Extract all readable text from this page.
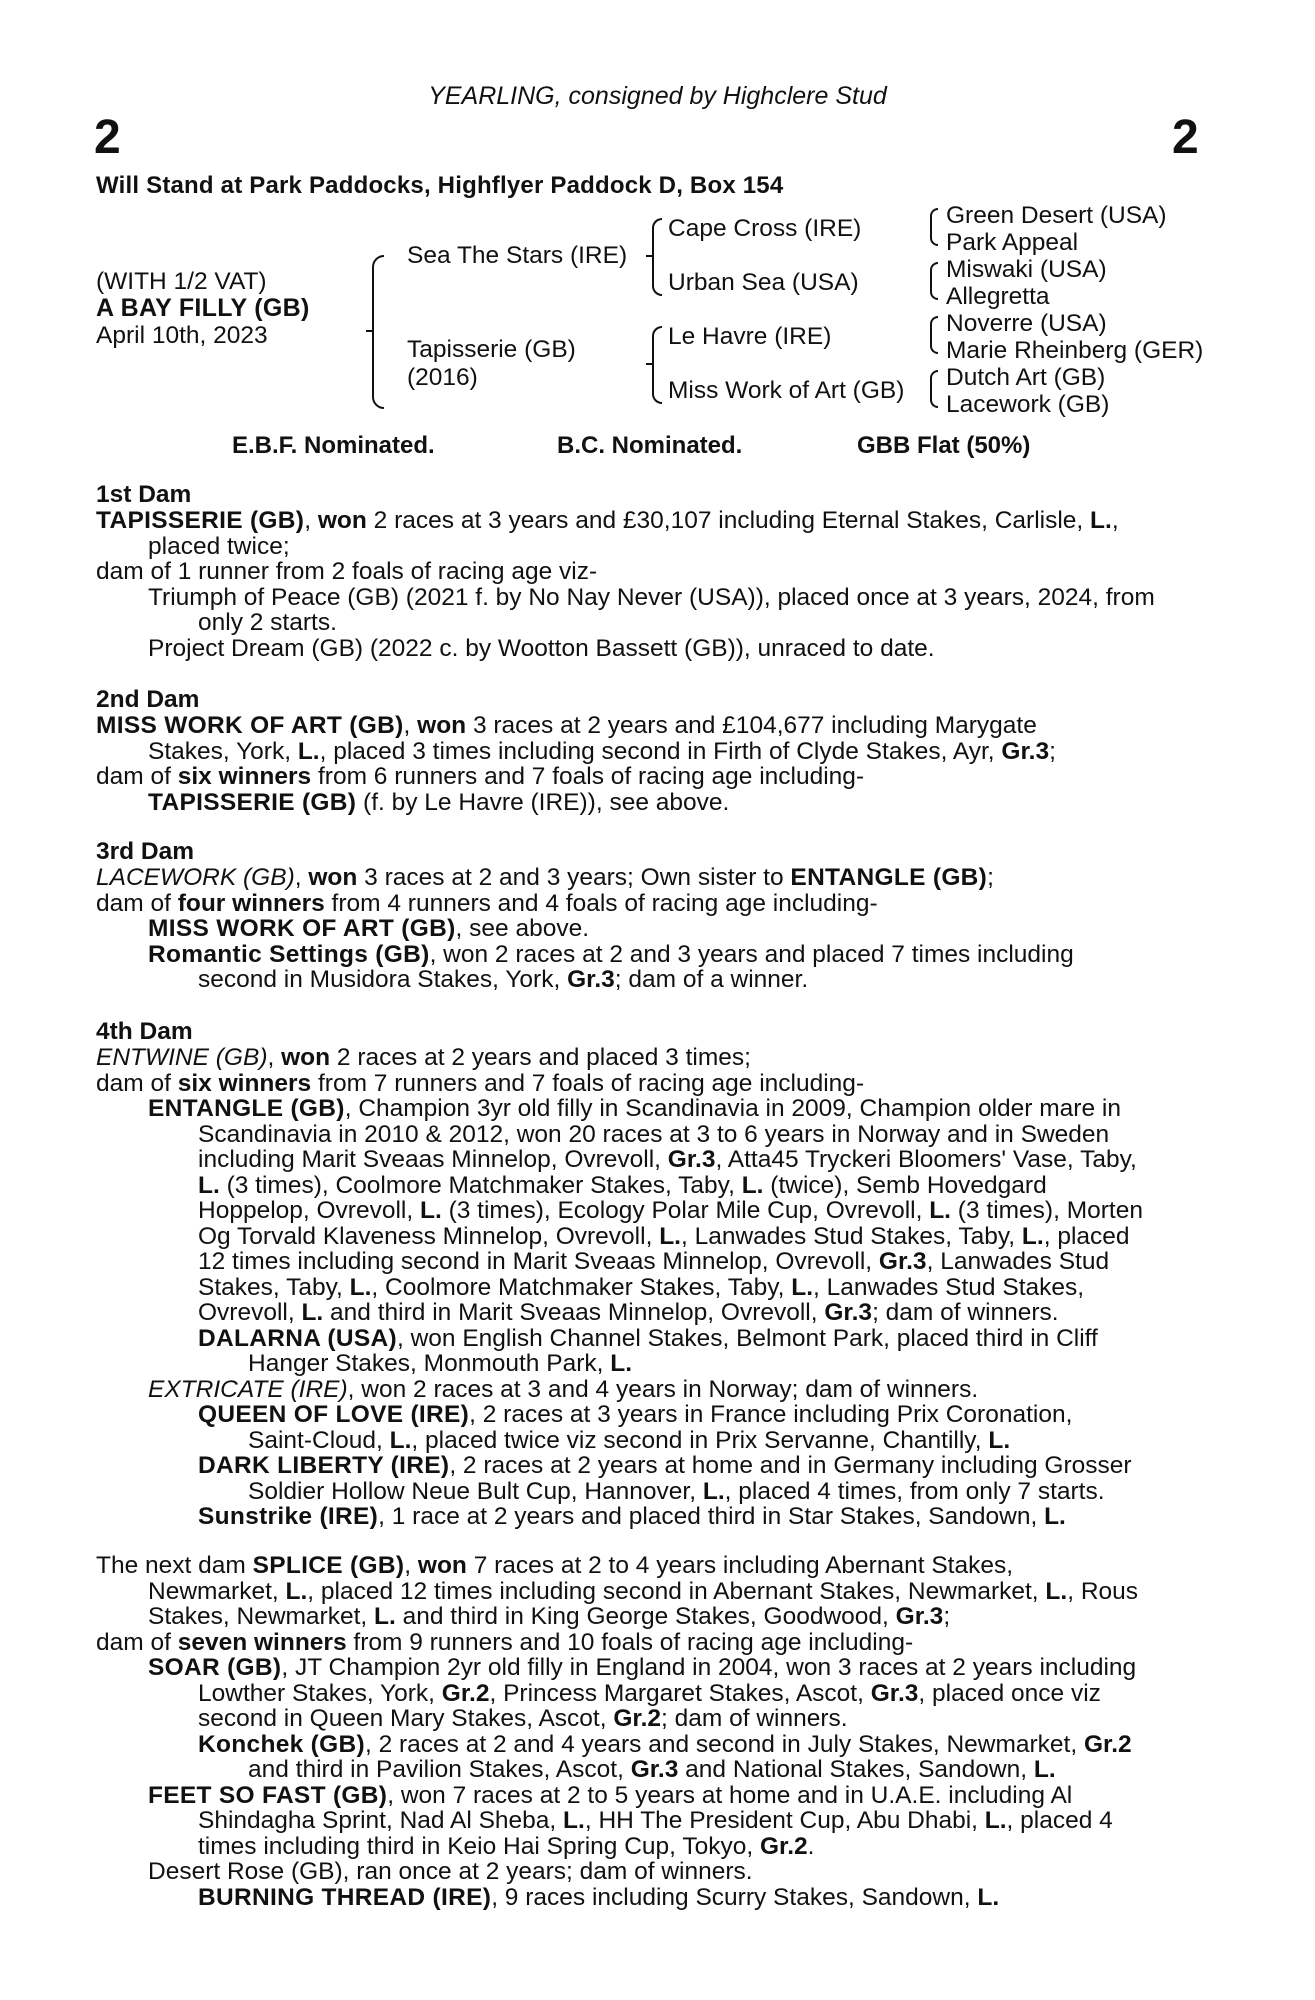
YEARLING, consigned by Highclere Stud
2	2
Will Stand at Park Paddocks, Highflyer Paddock D, Box 154
(WITH 1/2 VAT)
A BAY FILLY (GB)
April 10th, 2023
Sea The Stars (IRE)
Tapisserie (GB)
(2016)
Cape Cross (IRE)
Urban Sea (USA)
Le Havre (IRE)
Miss Work of Art (GB)
Green Desert (USA)
Park Appeal
Miswaki (USA)
Allegretta
Noverre (USA)
Marie Rheinberg (GER)
Dutch Art (GB)
Lacework (GB)
E.B.F. Nominated.	B.C. Nominated.	GBB Flat (50%)
1st Dam
TAPISSERIE (GB), won 2 races at 3 years and £30,107 including Eternal Stakes, Carlisle, L.,
placed twice;
dam of 1 runner from 2 foals of racing age viz-
Triumph of Peace (GB) (2021 f. by No Nay Never (USA)), placed once at 3 years, 2024, from
only 2 starts.
Project Dream (GB) (2022 c. by Wootton Bassett (GB)), unraced to date.
2nd Dam
MISS WORK OF ART (GB), won 3 races at 2 years and £104,677 including Marygate
Stakes, York, L., placed 3 times including second in Firth of Clyde Stakes, Ayr, Gr.3;
dam of six winners from 6 runners and 7 foals of racing age including-
TAPISSERIE (GB) (f. by Le Havre (IRE)), see above.
3rd Dam
LACEWORK (GB), won 3 races at 2 and 3 years; Own sister to ENTANGLE (GB);
dam of four winners from 4 runners and 4 foals of racing age including-
MISS WORK OF ART (GB), see above.
Romantic Settings (GB), won 2 races at 2 and 3 years and placed 7 times including
second in Musidora Stakes, York, Gr.3; dam of a winner.
4th Dam
ENTWINE (GB), won 2 races at 2 years and placed 3 times;
dam of six winners from 7 runners and 7 foals of racing age including-
ENTANGLE (GB), Champion 3yr old filly in Scandinavia in 2009, Champion older mare in
Scandinavia in 2010 & 2012, won 20 races at 3 to 6 years in Norway and in Sweden
including Marit Sveaas Minnelop, Ovrevoll, Gr.3, Atta45 Tryckeri Bloomers' Vase, Taby,
L. (3 times), Coolmore Matchmaker Stakes, Taby, L. (twice), Semb Hovedgard
Hoppelop, Ovrevoll, L. (3 times), Ecology Polar Mile Cup, Ovrevoll, L. (3 times), Morten
Og Torvald Klaveness Minnelop, Ovrevoll, L., Lanwades Stud Stakes, Taby, L., placed
12 times including second in Marit Sveaas Minnelop, Ovrevoll, Gr.3, Lanwades Stud
Stakes, Taby, L., Coolmore Matchmaker Stakes, Taby, L., Lanwades Stud Stakes,
Ovrevoll, L. and third in Marit Sveaas Minnelop, Ovrevoll, Gr.3; dam of winners.
DALARNA (USA), won English Channel Stakes, Belmont Park, placed third in Cliff
Hanger Stakes, Monmouth Park, L.
EXTRICATE (IRE), won 2 races at 3 and 4 years in Norway; dam of winners.
QUEEN OF LOVE (IRE), 2 races at 3 years in France including Prix Coronation,
Saint-Cloud, L., placed twice viz second in Prix Servanne, Chantilly, L.
DARK LIBERTY (IRE), 2 races at 2 years at home and in Germany including Grosser
Soldier Hollow Neue Bult Cup, Hannover, L., placed 4 times, from only 7 starts.
Sunstrike (IRE), 1 race at 2 years and placed third in Star Stakes, Sandown, L.
The next dam SPLICE (GB), won 7 races at 2 to 4 years including Abernant Stakes,
Newmarket, L., placed 12 times including second in Abernant Stakes, Newmarket, L., Rous
Stakes, Newmarket, L. and third in King George Stakes, Goodwood, Gr.3;
dam of seven winners from 9 runners and 10 foals of racing age including-
SOAR (GB), JT Champion 2yr old filly in England in 2004, won 3 races at 2 years including
Lowther Stakes, York, Gr.2, Princess Margaret Stakes, Ascot, Gr.3, placed once viz
second in Queen Mary Stakes, Ascot, Gr.2; dam of winners.
Konchek (GB), 2 races at 2 and 4 years and second in July Stakes, Newmarket, Gr.2
and third in Pavilion Stakes, Ascot, Gr.3 and National Stakes, Sandown, L.
FEET SO FAST (GB), won 7 races at 2 to 5 years at home and in U.A.E. including Al
Shindagha Sprint, Nad Al Sheba, L., HH The President Cup, Abu Dhabi, L., placed 4
times including third in Keio Hai Spring Cup, Tokyo, Gr.2.
Desert Rose (GB), ran once at 2 years; dam of winners.
BURNING THREAD (IRE), 9 races including Scurry Stakes, Sandown, L.
